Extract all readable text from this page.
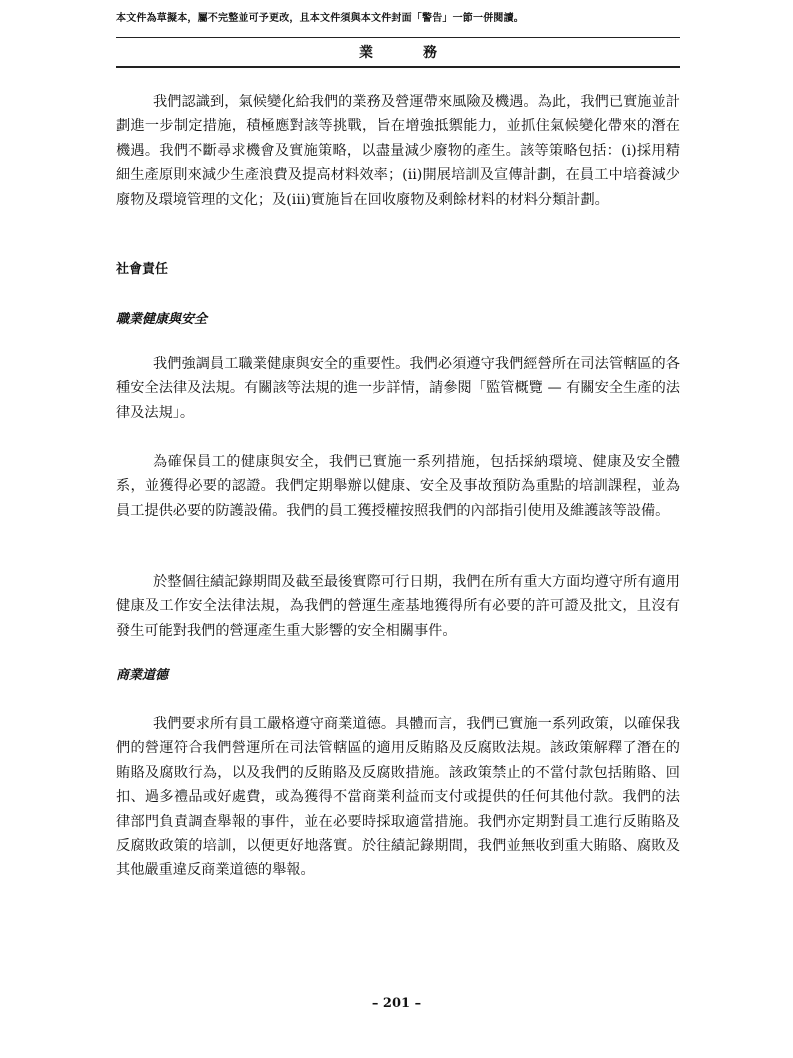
本文件為草擬本，屬不完整並可予更改，且本文件須與本文件封面「警告」一節一併閱讀。
業　務

我們認識到，氣候變化給我們的業務及營運帶來風險及機遇。為此，我們已實施並計劃進一步制定措施，積極應對該等挑戰，旨在增強抵禦能力，並抓住氣候變化帶來的潛在機遇。我們不斷尋求機會及實施策略，以盡量減少廢物的產生。該等策略包括：(i)採用精細生產原則來減少生產浪費及提高材料效率；(ii)開展培訓及宣傳計劃，在員工中培養減少廢物及環境管理的文化；及(iii)實施旨在回收廢物及剩餘材料的材料分類計劃。

社會責任

職業健康與安全

我們強調員工職業健康與安全的重要性。我們必須遵守我們經營所在司法管轄區的各種安全法律及法規。有關該等法規的進一步詳情，請參閱「監管概覽 — 有關安全生產的法律及法規」。

為確保員工的健康與安全，我們已實施一系列措施，包括採納環境、健康及安全體系，並獲得必要的認證。我們定期舉辦以健康、安全及事故預防為重點的培訓課程，並為員工提供必要的防護設備。我們的員工獲授權按照我們的內部指引使用及維護該等設備。

於整個往績記錄期間及截至最後實際可行日期，我們在所有重大方面均遵守所有適用健康及工作安全法律法規，為我們的營運生產基地獲得所有必要的許可證及批文，且沒有發生可能對我們的營運產生重大影響的安全相關事件。

商業道德

我們要求所有員工嚴格遵守商業道德。具體而言，我們已實施一系列政策，以確保我們的營運符合我們營運所在司法管轄區的適用反賄賂及反腐敗法規。該政策解釋了潛在的賄賂及腐敗行為，以及我們的反賄賂及反腐敗措施。該政策禁止的不當付款包括賄賂、回扣、過多禮品或好處費，或為獲得不當商業利益而支付或提供的任何其他付款。我們的法律部門負責調查舉報的事件，並在必要時採取適當措施。我們亦定期對員工進行反賄賂及反腐敗政策的培訓，以便更好地落實。於往績記錄期間，我們並無收到重大賄賂、腐敗及其他嚴重違反商業道德的舉報。

– 201 –
